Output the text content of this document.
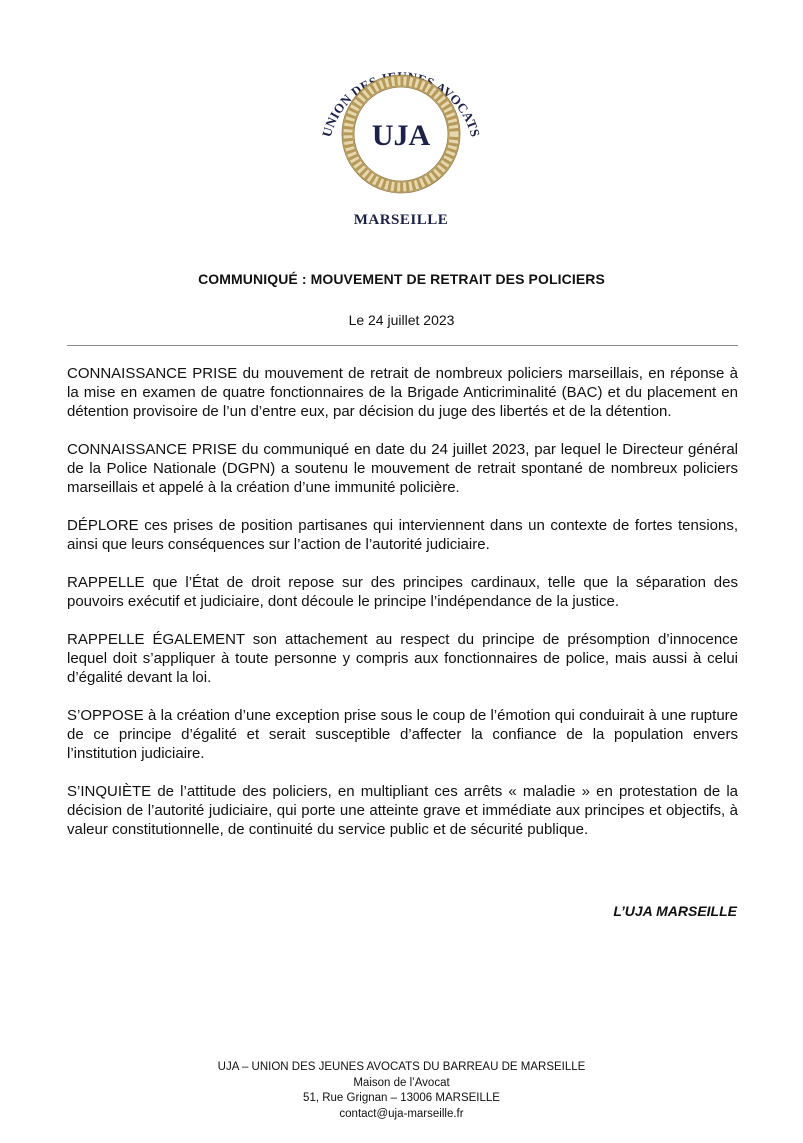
UNION DES JEUNES AVOCATS
UJA
MARSEILLE
COMMUNIQUÉ : MOUVEMENT DE RETRAIT DES POLICIERS
Le 24 juillet 2023

CONNAISSANCE PRISE du mouvement de retrait de nombreux policiers marseillais, en réponse à la mise en examen de quatre fonctionnaires de la Brigade Anticriminalité (BAC) et du placement en détention provisoire de l’un d’entre eux, par décision du juge des libertés et de la détention.

CONNAISSANCE PRISE du communiqué en date du 24 juillet 2023, par lequel le Directeur général de la Police Nationale (DGPN) a soutenu le mouvement de retrait spontané de nombreux policiers marseillais et appelé à la création d’une immunité policière.

DÉPLORE ces prises de position partisanes qui interviennent dans un contexte de fortes tensions, ainsi que leurs conséquences sur l’action de l’autorité judiciaire.

RAPPELLE que l’État de droit repose sur des principes cardinaux, telle que la séparation des pouvoirs exécutif et judiciaire, dont découle le principe l’indépendance de la justice.

RAPPELLE ÉGALEMENT son attachement au respect du principe de présomption d’innocence lequel doit s’appliquer à toute personne y compris aux fonctionnaires de police, mais aussi à celui d’égalité devant la loi.

S’OPPOSE à la création d’une exception prise sous le coup de l’émotion qui conduirait à une rupture de ce principe d’égalité et serait susceptible d’affecter la confiance de la population envers l’institution judiciaire.

S’INQUIÈTE de l’attitude des policiers, en multipliant ces arrêts « maladie » en protestation de la décision de l’autorité judiciaire, qui porte une atteinte grave et immédiate aux principes et objectifs, à valeur constitutionnelle, de continuité du service public et de sécurité publique.

L’UJA MARSEILLE
UJA – UNION DES JEUNES AVOCATS DU BARREAU DE MARSEILLE
Maison de l’Avocat
51, Rue Grignan – 13006 MARSEILLE
contact@uja-marseille.fr
